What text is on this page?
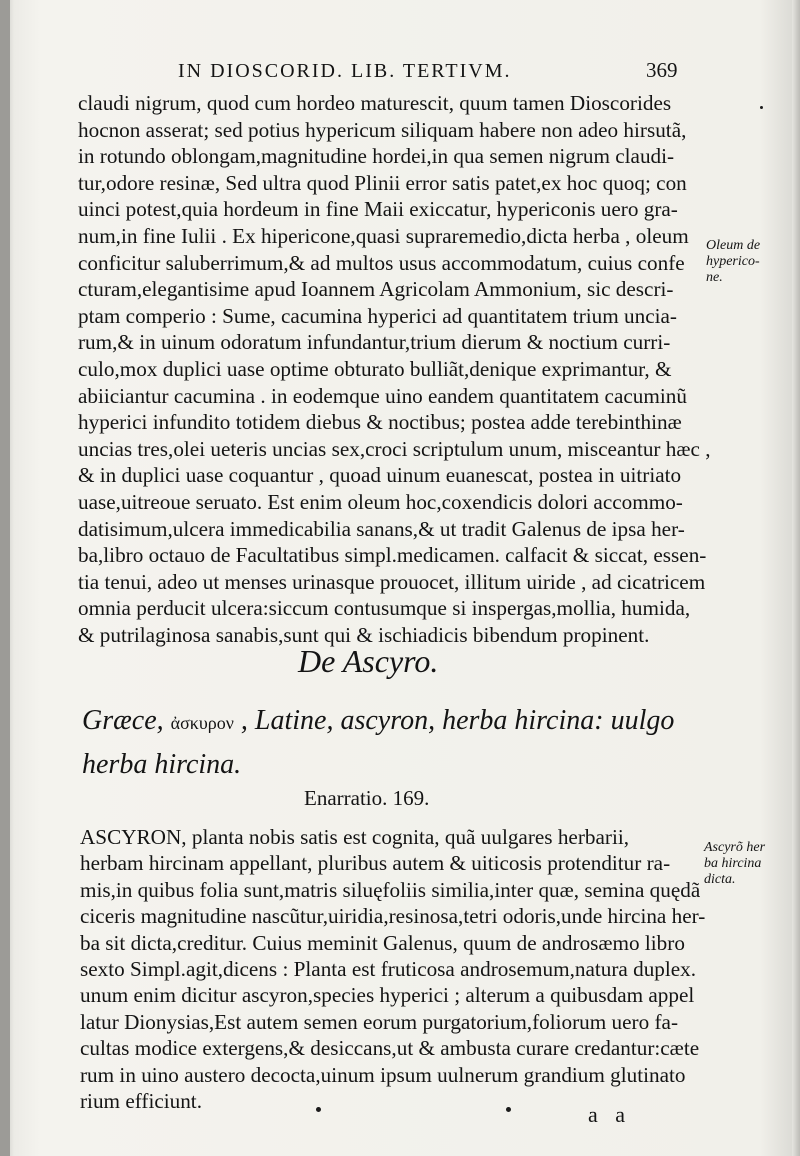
IN DIOSCORID. LIB. TERTIVM.	369
claudi nigrum, quod cum hordeo maturescit, quum tamen Dioscorides
hocnon asserat; sed potius hypericum siliquam habere non adeo hirsutã,
in rotundo oblongam,magnitudine hordei,in qua semen nigrum claudi-
tur,odore resinæ, Sed ultra quod Plinii error satis patet,ex hoc quoq; con
uinci potest,quia hordeum in fine Maii exiccatur, hypericonis uero gra-
num,in fine Iulii . Ex hipericone,quasi supraremedio,dicta herba , oleum
conficitur saluberrimum,& ad multos usus accommodatum, cuius confe
cturam,elegantisime apud Ioannem Agricolam Ammonium, sic descri-
ptam comperio : Sume, cacumina hyperici ad quantitatem trium uncia-
rum,& in uinum odoratum infundantur,trium dierum & noctium curri-
culo,mox duplici uase optime obturato bulliãt,denique exprimantur, &
abiiciantur cacumina . in eodemque uino eandem quantitatem cacuminũ
hyperici infundito totidem diebus & noctibus; postea adde terebinthinæ
uncias tres,olei ueteris uncias sex,croci scriptulum unum, misceantur hæc ,
& in duplici uase coquantur , quoad uinum euanescat, postea in uitriato
uase,uitreoue seruato. Est enim oleum hoc,coxendicis dolori accommo-
datisimum,ulcera immedicabilia sanans,& ut tradit Galenus de ipsa her-
ba,libro octauo de Facultatibus simpl.medicamen. calfacit & siccat, essen-
tia tenui, adeo ut menses urinasque prouocet, illitum uiride , ad cicatricem
omnia perducit ulcera:siccum contusumque si inspergas,mollia, humida,
& putrilaginosa sanabis,sunt qui & ischiadicis bibendum propinent.
Oleum de
hyperico-
ne.
De Ascyro.
Græce, ἀσκυρον , Latine, ascyron, herba hircina: uulgo
herba hircina.
Enarratio. 169.
ASCYRON, planta nobis satis est cognita, quã uulgares herbarii,
herbam hircinam appellant, pluribus autem & uiticosis protenditur ra-
mis,in quibus folia sunt,matris siluęfoliis similia,inter quæ, semina quędã
ciceris magnitudine nascũtur,uiridia,resinosa,tetri odoris,unde hircina her-
ba sit dicta,creditur. Cuius meminit Galenus, quum de androsæmo libro
sexto Simpl.agit,dicens : Planta est fruticosa androsemum,natura duplex.
unum enim dicitur ascyron,species hyperici ; alterum a quibusdam appel
latur Dionysias,Est autem semen eorum purgatorium,foliorum uero fa-
cultas modice extergens,& desiccans,ut & ambusta curare credantur:cæte
rum in uino austero decocta,uinum ipsum uulnerum grandium glutinato
rium efficiunt.
Ascyrõ her
ba hircina
dicta.
a a
